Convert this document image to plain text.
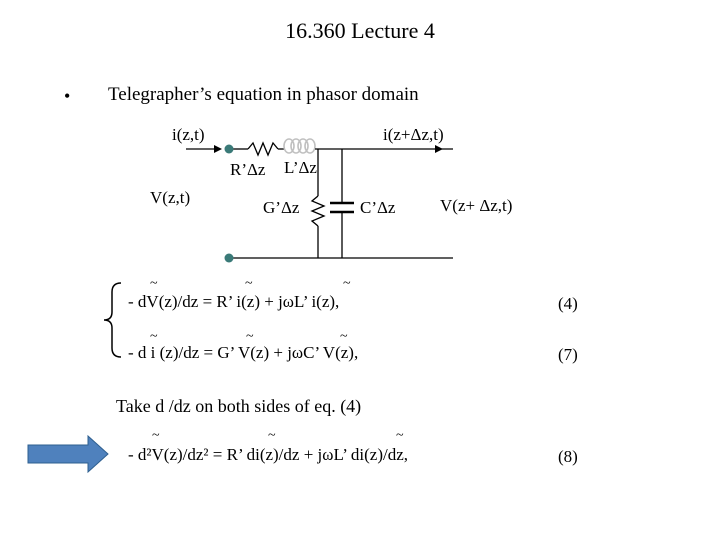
16.360 Lecture 4
• Telegrapher’s equation in phasor domain
i(z,t)	i(z+Δz,t)
R’Δz L’Δz
V(z,t)
G’Δz	C’Δz	V(z+ Δz,t)
~	~	~
- dV(z)/dz = R’ i(z) + jωL’ i(z),	(4)
~	~	~
- d i (z)/dz = G’ V(z) + jωC’ V(z),	(7)
Take d /dz on both sides of eq. (4)
~	~	~
- d²V(z)/dz² = R’ di(z)/dz + jωL’ di(z)/dz,	(8)
